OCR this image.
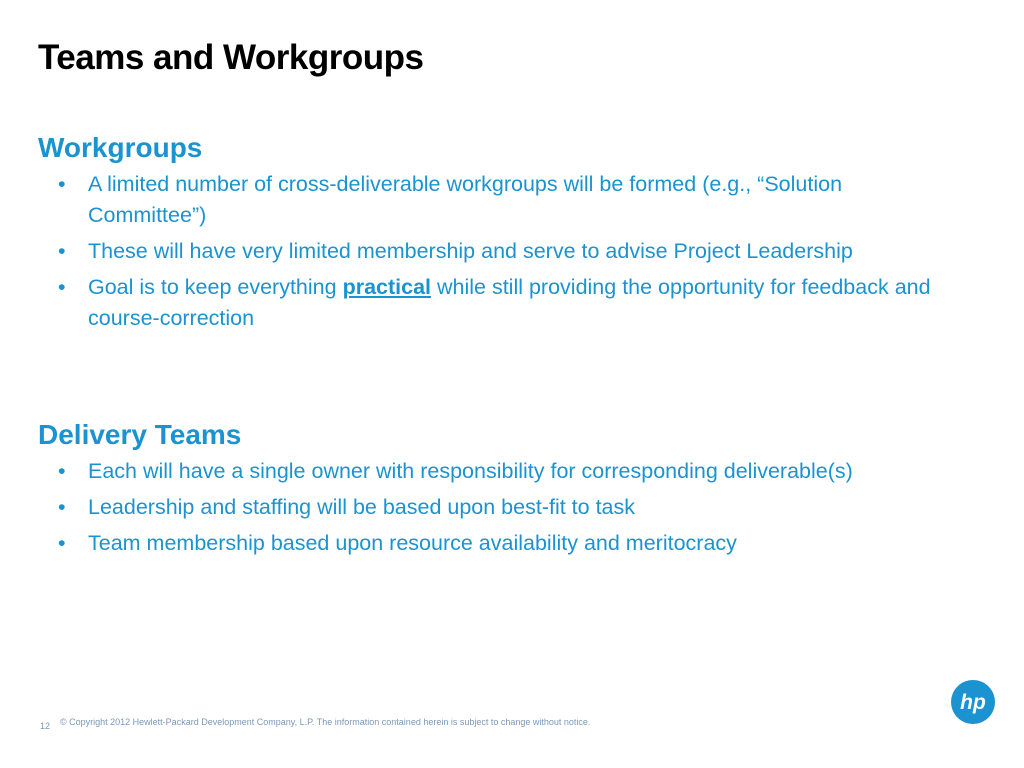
Teams and Workgroups
Workgroups
• A limited number of cross-deliverable workgroups will be formed (e.g., “Solution Committee”)
• These will have very limited membership and serve to advise Project Leadership
• Goal is to keep everything practical while still providing the opportunity for feedback and course-correction
Delivery Teams
• Each will have a single owner with responsibility for corresponding deliverable(s)
• Leadership and staffing will be based upon best-fit to task
• Team membership based upon resource availability and meritocracy
12 © Copyright 2012 Hewlett-Packard Development Company, L.P. The information contained herein is subject to change without notice.
hp
